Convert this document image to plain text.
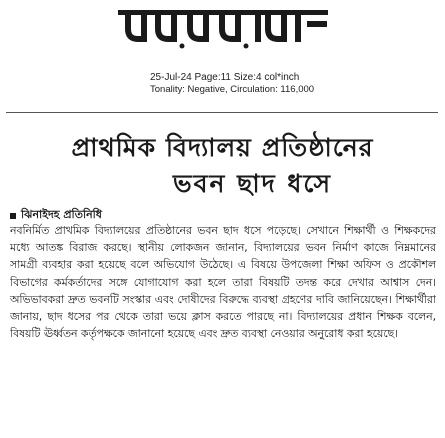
25-Jul-24 Page:11 Size:4 col*inch
Tonality: Negative, Circulation: 116,000
প্রাথমিক বিদ্যালয় প্রতিষ্ঠানের
ভবন ছাদ ধসে
ঝিনাইদহ প্রতিনিধি

নবনির্মিত প্রাথমিক বিদ্যালয়ের প্রতিষ্ঠানের ভবন ছাদ ধসে পড়েছে। সেখানে শিক্ষার্থী ও শিক্ষকদের মধ্যে আতঙ্ক বিরাজ করছে। স্থানীয় লোকজন জানান, বিদ্যালয়ের ভবন নির্মাণ কাজে নিম্নমানের সামগ্রী ব্যবহার করা হয়েছে বলে অভিযোগ উঠেছে। এ বিষয়ে উপজেলা শিক্ষা অফিস ও প্রকৌশল বিভাগের কর্মকর্তাদের সঙ্গে যোগাযোগ করা হলে তারা বিষয়টি তদন্ত করে দেখার আশ্বাস দেন। অভিভাবকরা দ্রুত ভবনটি সংস্কার এবং দোষীদের বিরুদ্ধে ব্যবস্থা গ্রহণের দাবি জানিয়েছেন। শিক্ষার্থীরা জানায়, ছাদ ধসের পর থেকে তারা ভয়ে ক্লাস করতে পারছে না। বিদ্যালয়ের প্রধান শিক্ষক বলেন, বিষয়টি ঊর্ধ্বতন কর্তৃপক্ষকে জানানো হয়েছে এবং দ্রুত ব্যবস্থা নেওয়ার অনুরোধ করা হয়েছে।
